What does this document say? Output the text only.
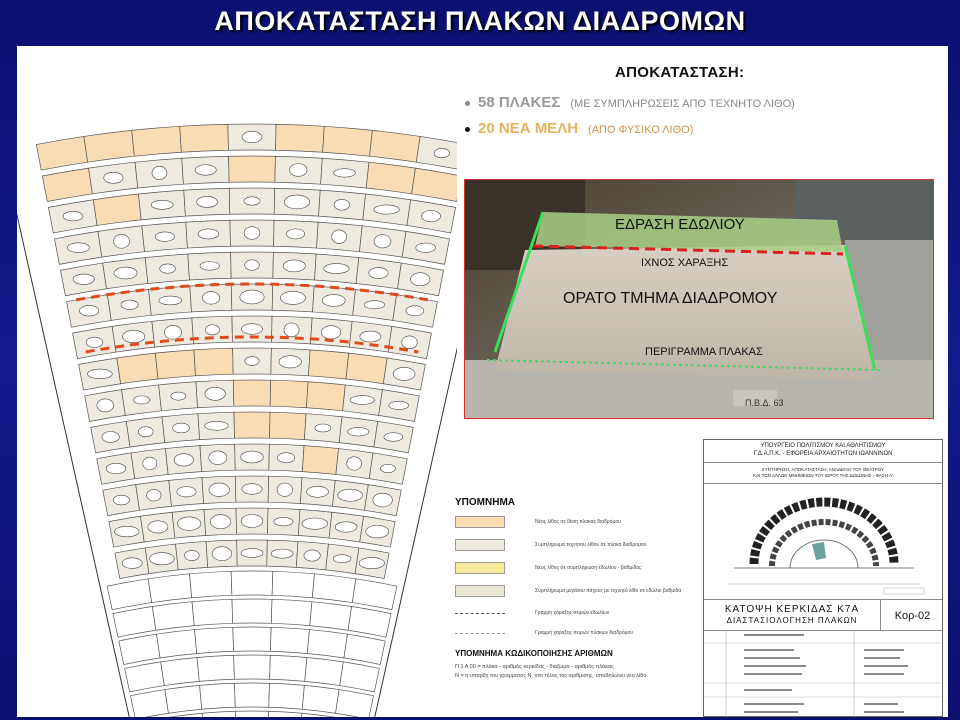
ΑΠΟΚΑΤΑΣΤΑΣΗ ΠΛΑΚΩΝ ΔΙΑΔΡΟΜΩΝ
ΑΠΟΚΑΤΑΣΤΑΣΗ:
58 ΠΛΑΚΕΣ (ΜΕ ΣΥΜΠΛΗΡΩΣΕΙΣ ΑΠΟ ΤΕΧΝΗΤΟ ΛΙΘΟ)
20 ΝΕΑ ΜΕΛΗ (ΑΠΟ ΦΥΣΙΚΟ ΛΙΘΟ)
ΕΔΡΑΣΗ ΕΔΩΛΙΟΥ
ΙΧΝΟΣ ΧΑΡΑΞΗΣ
ΟΡΑΤΟ ΤΜΗΜΑ ΔΙΑΔΡΟΜΟΥ
ΠΕΡΙΓΡΑΜΜΑ ΠΛΑΚΑΣ
Π.Β.Δ. 63
ΥΠΟΜΝΗΜΑ
Νέος λίθος σε θέση πλακας διαδρόμου
Συμπλήρωμα τεχνητού λίθου σε πλάκα διαδρόμου
Νέος λίθος σε συμπλήρωση εδωλίου - βαθμίδας
Συμπλήρωμα μεγάλου πάχους με τεχνητό λίθο σε εδώλιο βαθμίδα
Γραμμή χάραξης σειρών εδωλίων
Γραμμή χάραξης σειρών πλακών διαδρόμου
ΥΠΟΜΝΗΜΑ ΚΩΔΙΚΟΠΟΙΗΣΗΣ ΑΡΙΘΜΩΝ
Π 1 Α 00 = πλάκα - αριθμός κερκίδας - διαζωμα - αριθμός πλάκας
Ν = η υπαρξη του γραμματος Ν, στο τέλος της αριθμισης, υποδηλωνει νέο λίθο
ΥΠΟΥΡΓΕΙΟ ΠΟΛΙΤΙΣΜΟΥ ΚΑΙ ΑΘΛΗΤΙΣΜΟΥ
Γ.Δ.Α.Π.Κ. - ΕΦΟΡΕΙΑ ΑΡΧΑΙΟΤΗΤΩΝ ΙΩΑΝΝΙΝΩΝ
ΣΥΝΤΗΡΗΣΗ, ΑΠΟΚΑΤΑΣΤΑΣΗ, ΑΝΑΔΕΙΞΗ ΤΟΥ ΘΕΑΤΡΟΥ
ΚΑΙ ΤΩΝ ΑΛΛΩΝ ΜΝΗΜΕΙΩΝ ΤΟΥ ΙΕΡΟΥ ΤΗΣ ΔΩΔΩΝΗΣ - ΦΑΣΗ Α'
ΚΑΤΟΨΗ ΚΕΡΚΙΔΑΣ Κ7Α
ΔΙΑΣΤΑΣΙΟΛΟΓΗΣΗ ΠΛΑΚΩΝ	Κορ-02
